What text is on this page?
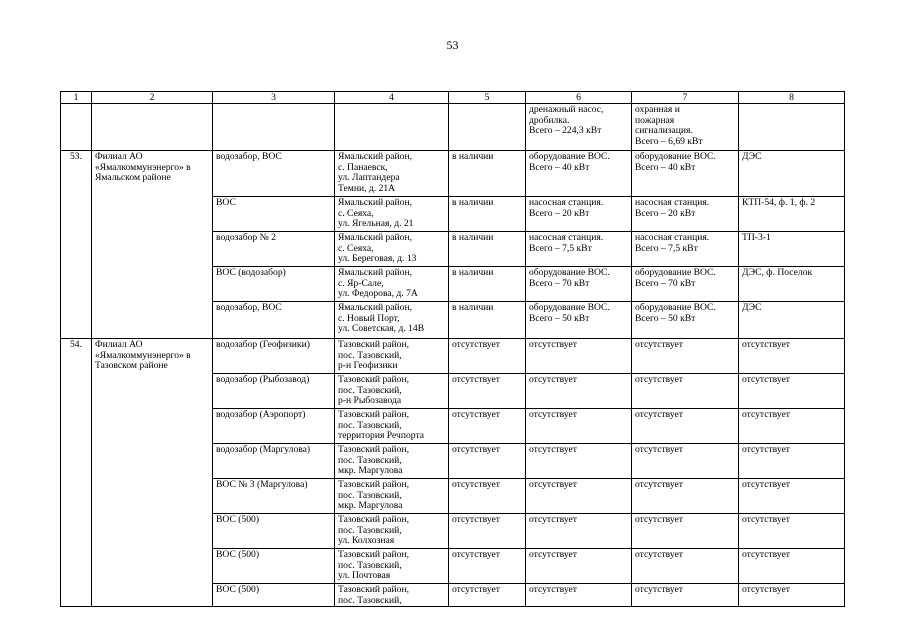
53
1	2	3	4	5	6	7	8
					дренажный насос,
дробилка.
Всего – 224,3 кВт	охранная и
пожарная
сигнализация.
Всего – 6,69 кВт	
53.	Филиал АО
«Ямалкоммунэнерго» в
Ямальском районе	водозабор, ВОС	Ямальский район,
с. Панаевск,
ул. Лаптандера
Темни, д. 21А	в наличии	оборудование ВОС.
Всего – 40 кВт	оборудование ВОС.
Всего – 40 кВт	ДЭС
		ВОС	Ямальский район,
с. Сеяха,
ул. Ягельная, д. 21	в наличии	насосная станция.
Всего – 20 кВт	насосная станция.
Всего – 20 кВт	КТП-54, ф. 1, ф. 2
		водозабор № 2	Ямальский район,
с. Сеяха,
ул. Береговая, д. 13	в наличии	насосная станция.
Всего – 7,5 кВт	насосная станция.
Всего – 7,5 кВт	ТП-3-1
		ВОС (водозабор)	Ямальский район,
с. Яр-Сале,
ул. Федорова, д. 7А	в наличии	оборудование ВОС.
Всего – 70 кВт	оборудование ВОС.
Всего – 70 кВт	ДЭС, ф. Поселок
		водозабор, ВОС	Ямальский район,
с. Новый Порт,
ул. Советская, д. 14В	в наличии	оборудование ВОС.
Всего – 50 кВт	оборудование ВОС.
Всего – 50 кВт	ДЭС
54.	Филиал АО
«Ямалкоммунэнерго» в
Тазовском районе	водозабор (Геофизики)	Тазовский район,
пос. Тазовский,
р-н Геофизики	отсутствует	отсутствует	отсутствует	отсутствует
		водозабор (Рыбозавод)	Тазовский район,
пос. Тазовский,
р-н Рыбозавода	отсутствует	отсутствует	отсутствует	отсутствует
		водозабор (Аэропорт)	Тазовский район,
пос. Тазовский,
территория Речпорта	отсутствует	отсутствует	отсутствует	отсутствует
		водозабор (Маргулова)	Тазовский район,
пос. Тазовский,
мкр. Маргулова	отсутствует	отсутствует	отсутствует	отсутствует
		ВОС № 3 (Маргулова)	Тазовский район,
пос. Тазовский,
мкр. Маргулова	отсутствует	отсутствует	отсутствует	отсутствует
		ВОС (500)	Тазовский район,
пос. Тазовский,
ул. Колхозная	отсутствует	отсутствует	отсутствует	отсутствует
		ВОС (500)	Тазовский район,
пос. Тазовский,
ул. Почтовая	отсутствует	отсутствует	отсутствует	отсутствует
		ВОС (500)	Тазовский район,
пос. Тазовский,	отсутствует	отсутствует	отсутствует	отсутствует
